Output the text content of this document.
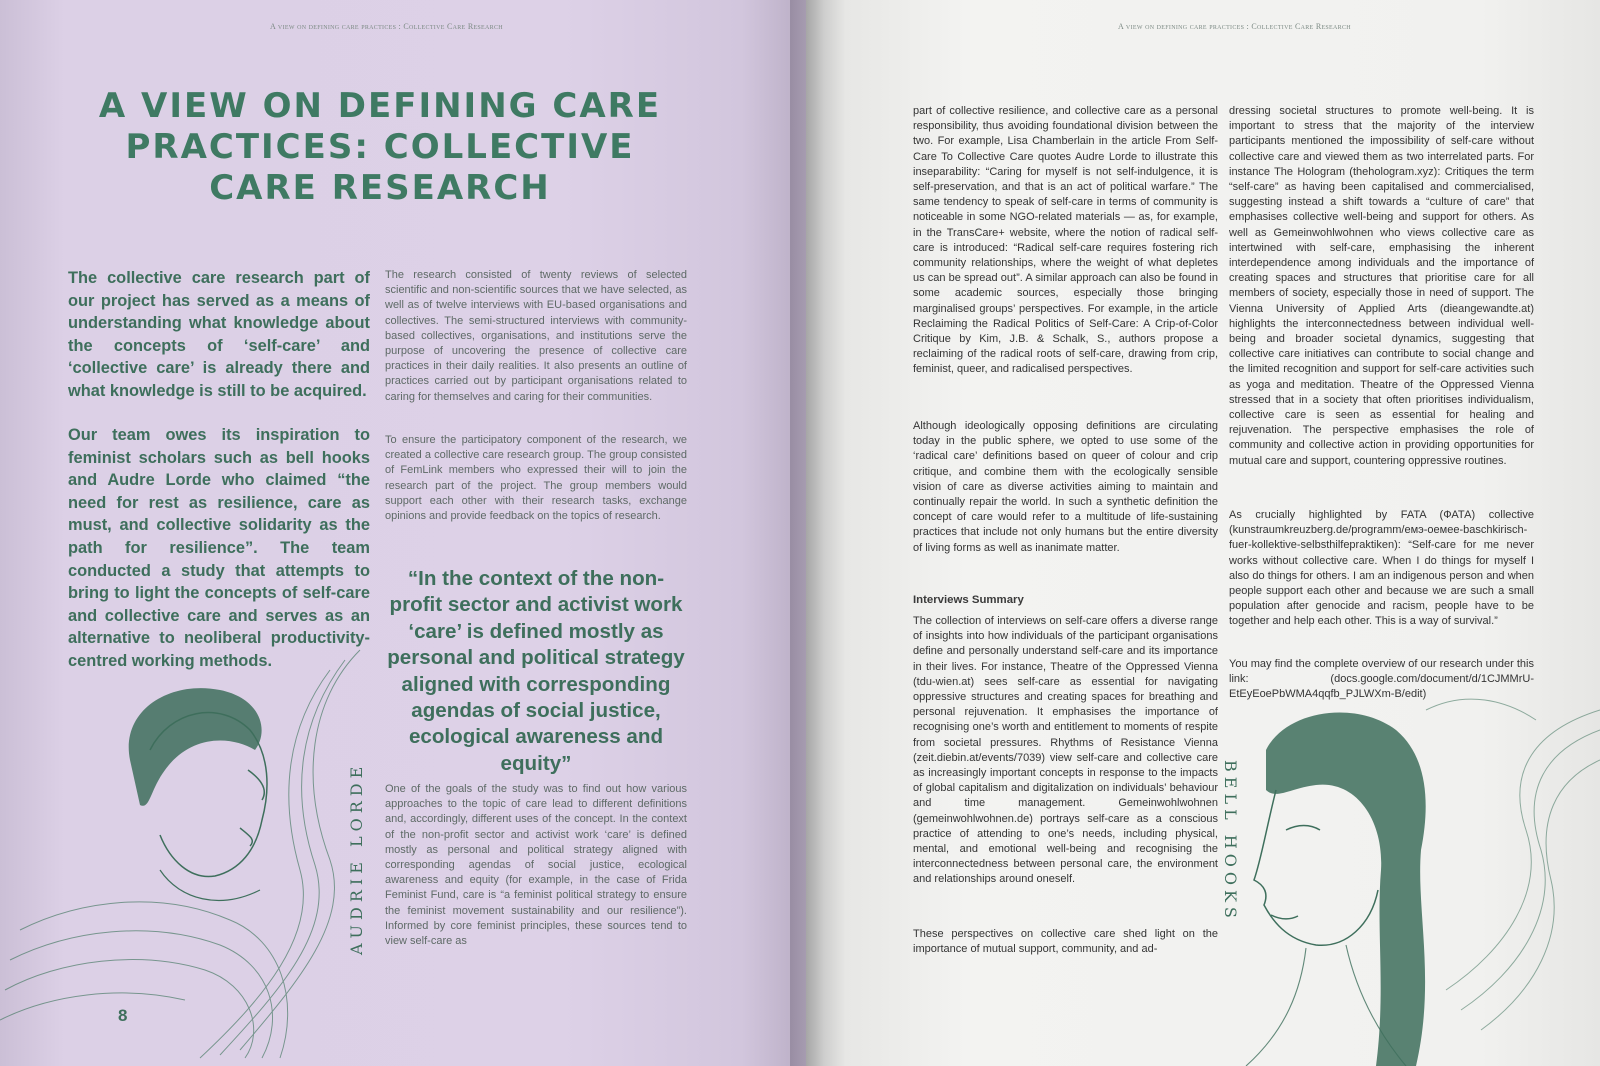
A view on defining care practices : Collective Care Research
A VIEW ON DEFINING CARE PRACTICES: COLLECTIVE CARE RESEARCH

The collective care research part of our project has served as a means of understanding what knowledge about the concepts of ‘self-care’ and ‘collective care’ is already there and what knowledge is still to be acquired.

Our team owes its inspiration to feminist scholars such as bell hooks and Audre Lorde who claimed “the need for rest as resilience, care as must, and collective solidarity as the path for resilience”. The team conducted a study that attempts to bring to light the concepts of self-care and collective care and serves as an alternative to neoliberal productivity-centred working methods.

The research consisted of twenty reviews of selected scientific and non-scientific sources that we have selected, as well as of twelve interviews with EU-based organisations and collectives. The semi-structured interviews with community-based collectives, organisations, and institutions serve the purpose of uncovering the presence of collective care practices in their daily realities. It also presents an outline of practices carried out by participant organisations related to caring for themselves and caring for their communities.

To ensure the participatory component of the research, we created a collective care research group. The group consisted of FemLink members who expressed their will to join the research part of the project. The group members would support each other with their research tasks, exchange opinions and provide feedback on the topics of research.

“In the context of the non-profit sector and activist work ‘care’ is defined mostly as personal and political strategy aligned with corresponding agendas of social justice, ecological awareness and equity”

One of the goals of the study was to find out how various approaches to the topic of care lead to different definitions and, accordingly, different uses of the concept. In the context of the non-profit sector and activist work ‘care’ is defined mostly as personal and political strategy aligned with corresponding agendas of social justice, ecological awareness and equity (for example, in the case of Frida Feminist Fund, care is “a feminist political strategy to ensure the feminist movement sustainability and our resilience”). Informed by core feminist principles, these sources tend to view self-care as

AUDRIE LORDE
8
A view on defining care practices : Collective Care Research

part of collective resilience, and collective care as a personal responsibility, thus avoiding foundational division between the two. For example, Lisa Chamberlain in the article From Self-Care To Collective Care quotes Audre Lorde to illustrate this inseparability: “Caring for myself is not self-indulgence, it is self-preservation, and that is an act of political warfare.” The same tendency to speak of self-care in terms of community is noticeable in some NGO-related materials — as, for example, in the TransCare+ website, where the notion of radical self-care is introduced: “Radical self-care requires fostering rich community relationships, where the weight of what depletes us can be spread out”. A similar approach can also be found in some academic sources, especially those bringing marginalised groups’ perspectives. For example, in the article Reclaiming the Radical Politics of Self-Care: A Crip-of-Color Critique by Kim, J.B. & Schalk, S., authors propose a reclaiming of the radical roots of self-care, drawing from crip, feminist, queer, and radicalised perspectives.

Although ideologically opposing definitions are circulating today in the public sphere, we opted to use some of the ‘radical care’ definitions based on queer of colour and crip critique, and combine them with the ecologically sensible vision of care as diverse activities aiming to maintain and continually repair the world. In such a synthetic definition the concept of care would refer to a multitude of life-sustaining practices that include not only humans but the entire diversity of living forms as well as inanimate matter.

Interviews Summary

The collection of interviews on self-care offers a diverse range of insights into how individuals of the participant organisations define and personally understand self-care and its importance in their lives. For instance, Theatre of the Oppressed Vienna (tdu-wien.at) sees self-care as essential for navigating oppressive structures and creating spaces for breathing and personal rejuvenation. It emphasises the importance of recognising one’s worth and entitlement to moments of respite from societal pressures. Rhythms of Resistance Vienna (zeit.diebin.at/events/7039) view self-care and collective care as increasingly important concepts in response to the impacts of global capitalism and digitalization on individuals’ behaviour and time management. Gemeinwohlwohnen (gemeinwohlwohnen.de) portrays self-care as a conscious practice of attending to one’s needs, including physical, mental, and emotional well-being and recognising the interconnectedness between personal care, the environment and relationships around oneself.

These perspectives on collective care shed light on the importance of mutual support, community, and ad-

dressing societal structures to promote well-being. It is important to stress that the majority of the interview participants mentioned the impossibility of self-care without collective care and viewed them as two interrelated parts. For instance The Hologram (thehologram.xyz): Critiques the term “self-care” as having been capitalised and commercialised, suggesting instead a shift towards a “culture of care” that emphasises collective well-being and support for others. As well as Gemeinwohlwohnen who views collective care as intertwined with self-care, emphasising the inherent interdependence among individuals and the importance of creating spaces and structures that prioritise care for all members of society, especially those in need of support. The Vienna University of Applied Arts (dieangewandte.at) highlights the interconnectedness between individual well-being and broader societal dynamics, suggesting that collective care initiatives can contribute to social change and the limited recognition and support for self-care activities such as yoga and meditation. Theatre of the Oppressed Vienna stressed that in a society that often prioritises individualism, collective care is seen as essential for healing and rejuvenation. The perspective emphasises the role of community and collective action in providing opportunities for mutual care and support, countering oppressive routines.

As crucially highlighted by FATA (ФАТА) collective (kunstraumkreuzberg.de/programm/емэ-оемee-baschkirisch-fuer-kollektive-selbsthilfepraktiken): “Self-care for me never works without collective care. When I do things for myself I also do things for others. I am an indigenous person and when people support each other and because we are such a small population after genocide and racism, people have to be together and help each other. This is a way of survival.”

You may find the complete overview of our research under this link: (docs.google.com/document/d/1CJMMrU-EtEyEoePbWMA4qqfb_PJLWXm-B/edit)

BELL HOOKS
